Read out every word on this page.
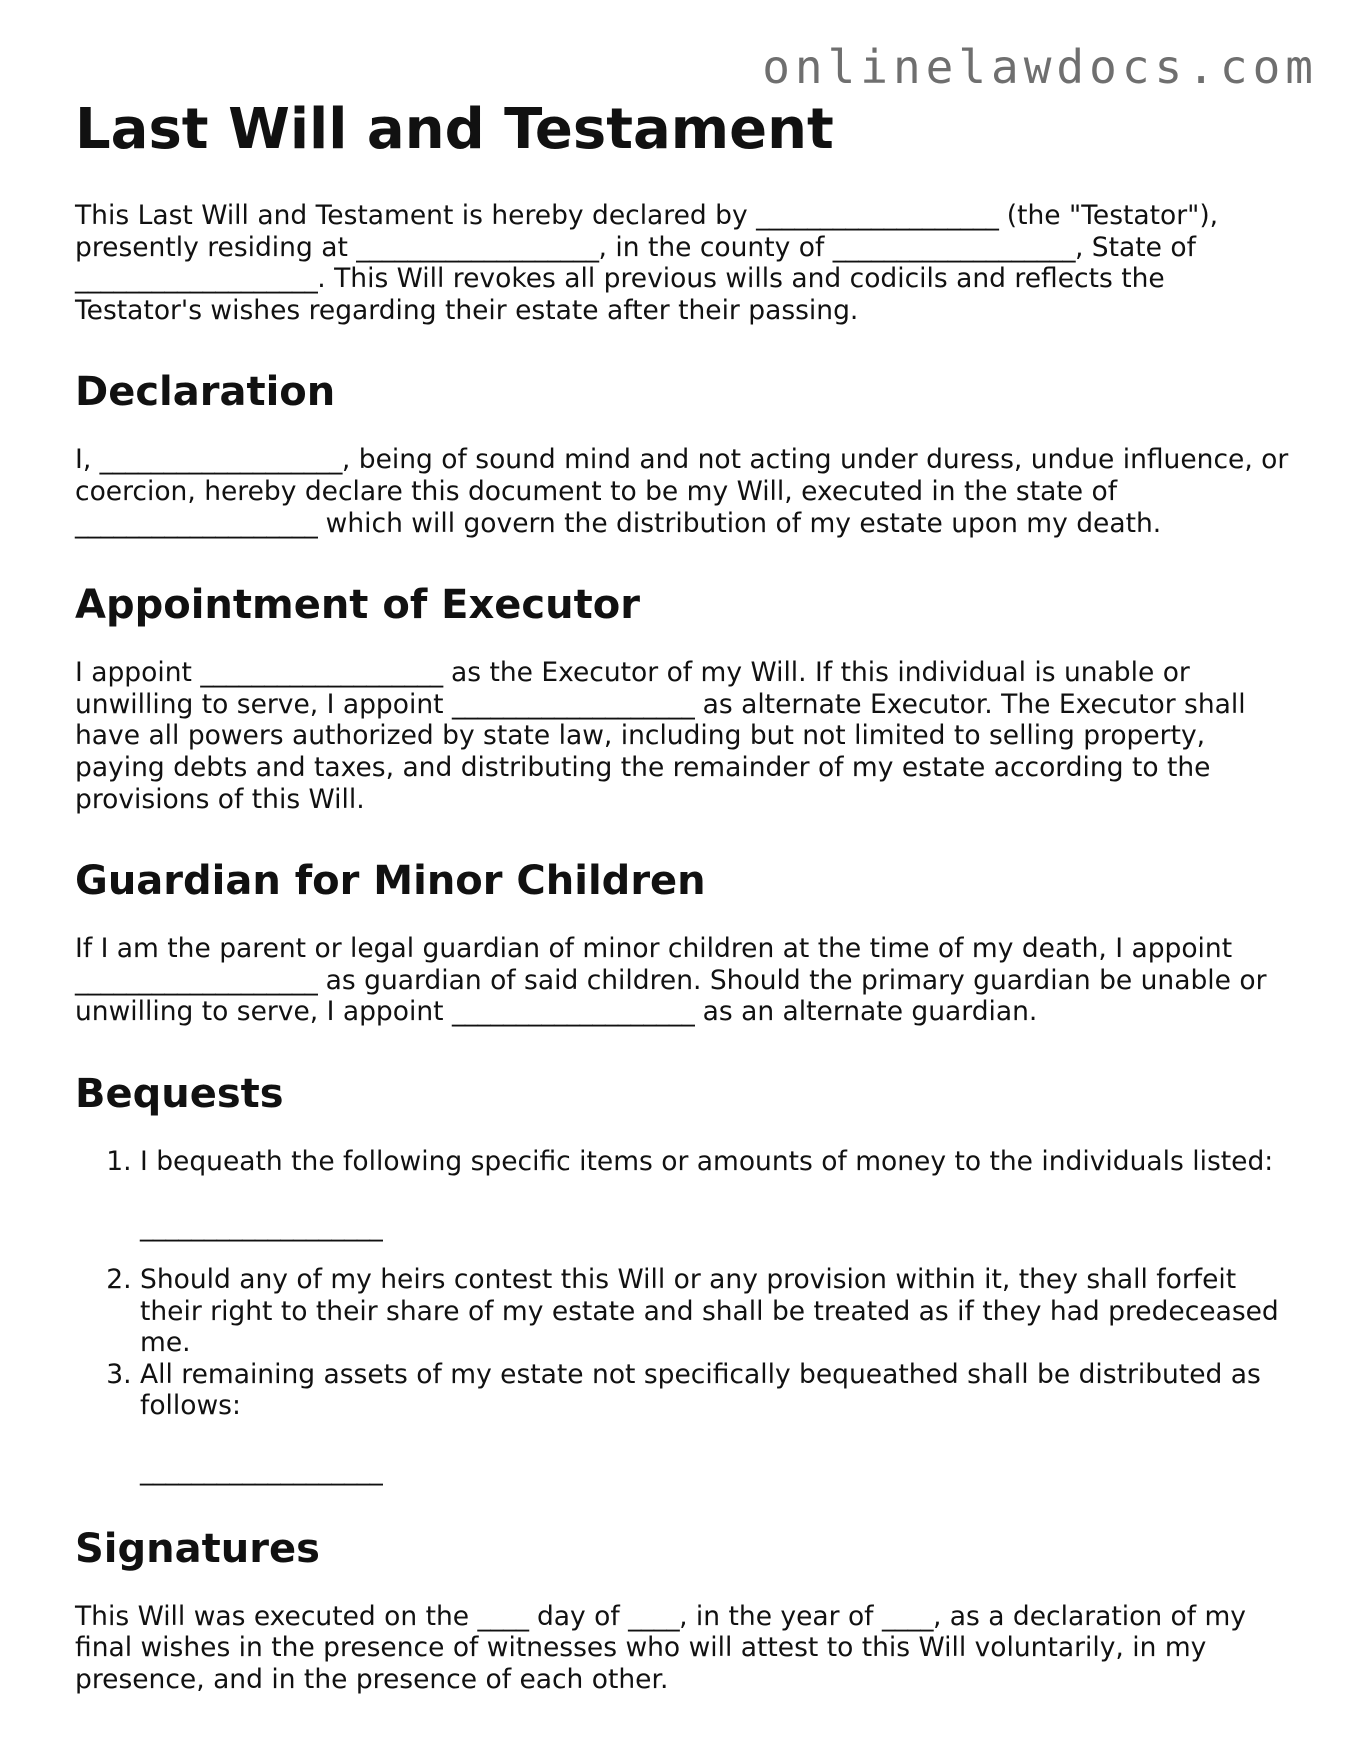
onlinelawdocs.com
Last Will and Testament

This Last Will and Testament is hereby declared by ___________________ (the "Testator"), presently residing at ___________________, in the county of ___________________, State of ___________________. This Will revokes all previous wills and codicils and reflects the Testator's wishes regarding their estate after their passing.

Declaration

I, ___________________, being of sound mind and not acting under duress, undue influence, or coercion, hereby declare this document to be my Will, executed in the state of ___________________ which will govern the distribution of my estate upon my death.

Appointment of Executor

I appoint ___________________ as the Executor of my Will. If this individual is unable or unwilling to serve, I appoint ___________________ as alternate Executor. The Executor shall have all powers authorized by state law, including but not limited to selling property, paying debts and taxes, and distributing the remainder of my estate according to the provisions of this Will.

Guardian for Minor Children

If I am the parent or legal guardian of minor children at the time of my death, I appoint ___________________ as guardian of said children. Should the primary guardian be unable or unwilling to serve, I appoint ___________________ as an alternate guardian.

Bequests
1. I bequeath the following specific items or amounts of money to the individuals listed:
___________________
2. Should any of my heirs contest this Will or any provision within it, they shall forfeit their right to their share of my estate and shall be treated as if they had predeceased me.
3. All remaining assets of my estate not specifically bequeathed shall be distributed as follows:
___________________
Signatures

This Will was executed on the ____ day of ____, in the year of ____, as a declaration of my final wishes in the presence of witnesses who will attest to this Will voluntarily, in my presence, and in the presence of each other.
